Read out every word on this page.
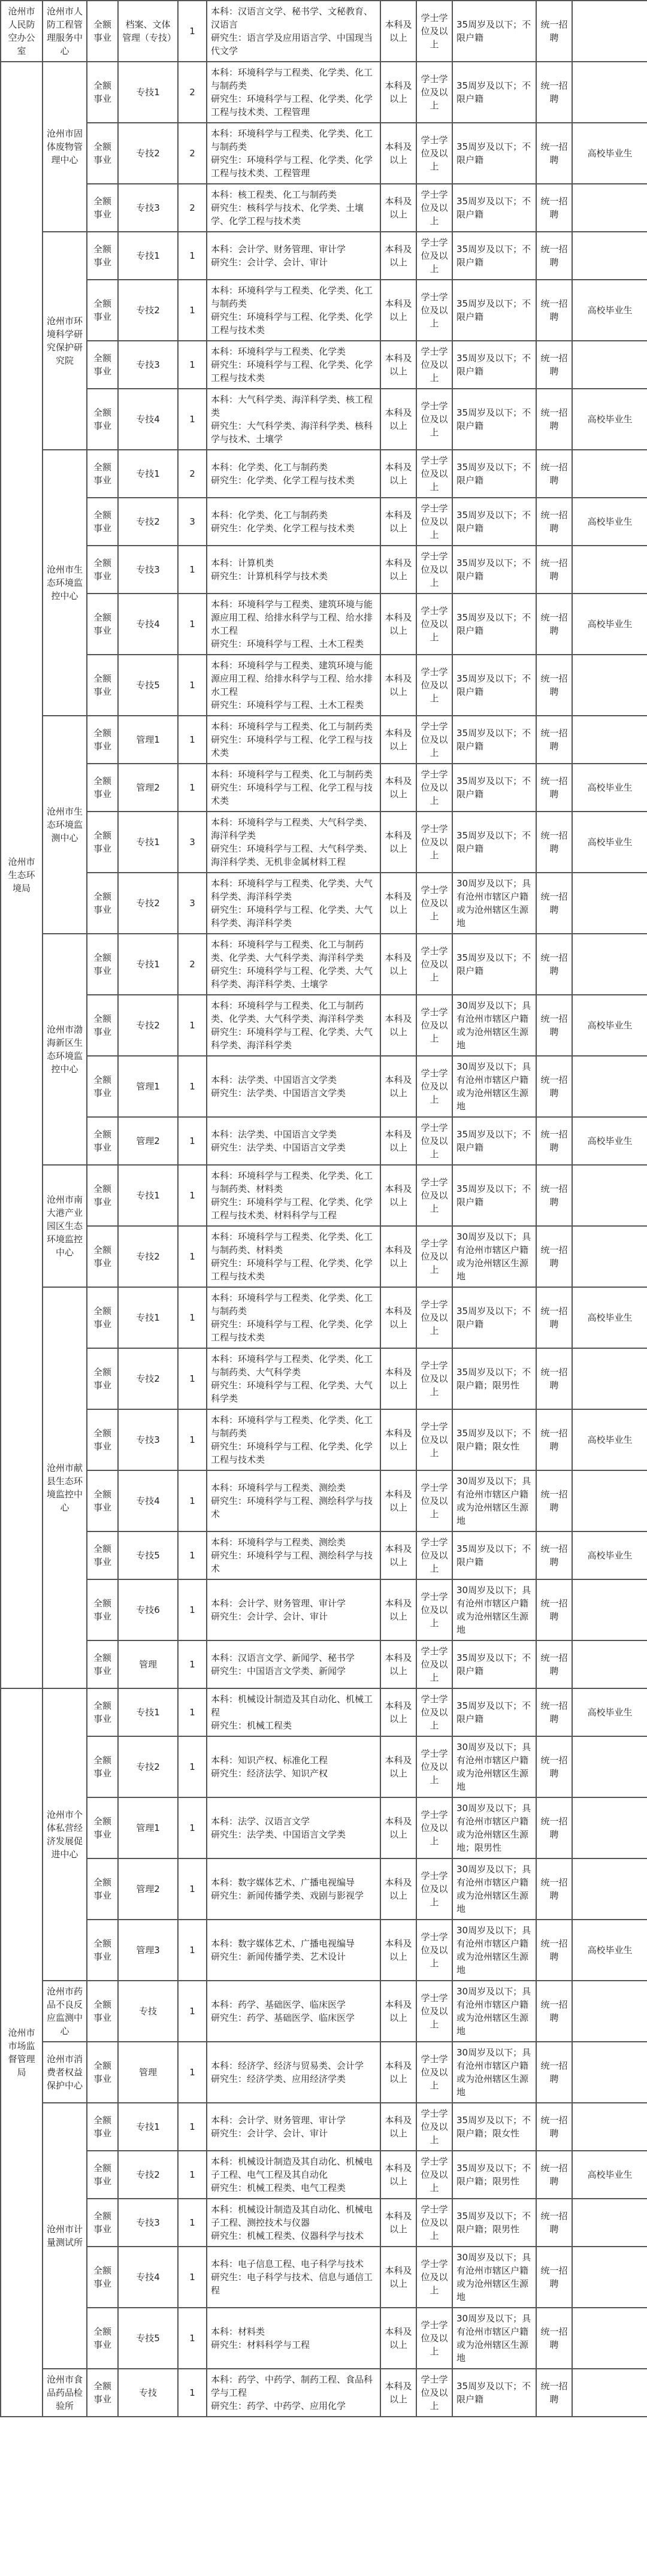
沧州市人民防空办公室	沧州市人防工程管理服务中心	全额事业	档案、文体管理（专技）	1	本科：汉语言文学、秘书学、文秘教育、汉语言
研究生：语言学及应用语言学、中国现当代文学	本科及以上	学士学位及以上	35周岁及以下；不限户籍	统一招聘	
沧州市生态环境局	沧州市固体废物管理中心	全额事业	专技1	2	本科：环境科学与工程类、化学类、化工与制药类
研究生：环境科学与工程、化学类、化学工程与技术类、工程管理	本科及以上	学士学位及以上	35周岁及以下；不限户籍	统一招聘	
		全额事业	专技2	2	本科：环境科学与工程类、化学类、化工与制药类
研究生：环境科学与工程、化学类、化学工程与技术类、工程管理	本科及以上	学士学位及以上	35周岁及以下；不限户籍	统一招聘	高校毕业生
		全额事业	专技3	2	本科：核工程类、化工与制药类
研究生：核科学与技术、化学类、土壤学、化学工程与技术类	本科及以上	学士学位及以上	35周岁及以下；不限户籍	统一招聘	
	沧州市环境科学研究保护研究院	全额事业	专技1	1	本科：会计学、财务管理、审计学
研究生：会计学、会计、审计	本科及以上	学士学位及以上	35周岁及以下；不限户籍	统一招聘	
		全额事业	专技2	1	本科：环境科学与工程类、化学类、化工与制药类
研究生：环境科学与工程、化学类、化学工程与技术类	本科及以上	学士学位及以上	35周岁及以下；不限户籍	统一招聘	高校毕业生
		全额事业	专技3	1	本科：环境科学与工程类、化学类
研究生：环境科学与工程、化学类、化学工程与技术类	本科及以上	学士学位及以上	35周岁及以下；不限户籍	统一招聘	
		全额事业	专技4	1	本科：大气科学类、海洋科学类、核工程类
研究生：大气科学类、海洋科学类、核科学与技术、土壤学	本科及以上	学士学位及以上	35周岁及以下；不限户籍	统一招聘	高校毕业生
	沧州市生态环境监控中心	全额事业	专技1	2	本科：化学类、化工与制药类
研究生：化学类、化学工程与技术类	本科及以上	学士学位及以上	35周岁及以下；不限户籍	统一招聘	
		全额事业	专技2	3	本科：化学类、化工与制药类
研究生：化学类、化学工程与技术类	本科及以上	学士学位及以上	35周岁及以下；不限户籍	统一招聘	高校毕业生
		全额事业	专技3	1	本科：计算机类
研究生：计算机科学与技术类	本科及以上	学士学位及以上	35周岁及以下；不限户籍	统一招聘	
		全额事业	专技4	1	本科：环境科学与工程类、建筑环境与能源应用工程、给排水科学与工程、给水排水工程
研究生：环境科学与工程、土木工程类	本科及以上	学士学位及以上	35周岁及以下；不限户籍	统一招聘	高校毕业生
		全额事业	专技5	1	本科：环境科学与工程类、建筑环境与能源应用工程、给排水科学与工程、给水排水工程
研究生：环境科学与工程、土木工程类	本科及以上	学士学位及以上	35周岁及以下；不限户籍	统一招聘	
	沧州市生态环境监测中心	全额事业	管理1	1	本科：环境科学与工程类、化工与制药类
研究生：环境科学与工程、化学工程与技术类	本科及以上	学士学位及以上	35周岁及以下；不限户籍	统一招聘	
		全额事业	管理2	1	本科：环境科学与工程类、化工与制药类
研究生：环境科学与工程、化学工程与技术类	本科及以上	学士学位及以上	35周岁及以下；不限户籍	统一招聘	高校毕业生
		全额事业	专技1	3	本科：环境科学与工程类、大气科学类、海洋科学类
研究生：环境科学与工程、大气科学类、海洋科学类、无机非金属材料工程	本科及以上	学士学位及以上	35周岁及以下；不限户籍	统一招聘	高校毕业生
		全额事业	专技2	3	本科：环境科学与工程类、化学类、大气科学类、海洋科学类
研究生：环境科学与工程、化学类、大气科学类、海洋科学类	本科及以上	学士学位及以上	30周岁及以下；具有沧州市辖区户籍或为沧州辖区生源地	统一招聘	
	沧州市渤海新区生态环境监控中心	全额事业	专技1	2	本科：环境科学与工程类、化工与制药类、化学类、大气科学类、海洋科学类
研究生：环境科学与工程、化学类、大气科学类、海洋科学类、土壤学	本科及以上	学士学位及以上	35周岁及以下；不限户籍	统一招聘	
		全额事业	专技2	1	本科：环境科学与工程类、化工与制药类、化学类、大气科学类、海洋科学类
研究生：环境科学与工程、化学类、大气科学类、海洋科学类	本科及以上	学士学位及以上	30周岁及以下；具有沧州市辖区户籍或为沧州辖区生源地	统一招聘	高校毕业生
		全额事业	管理1	1	本科：法学类、中国语言文学类
研究生：法学类、中国语言文学类	本科及以上	学士学位及以上	30周岁及以下；具有沧州市辖区户籍或为沧州辖区生源地	统一招聘	
		全额事业	管理2	1	本科：法学类、中国语言文学类
研究生：法学类、中国语言文学类	本科及以上	学士学位及以上	35周岁及以下；不限户籍	统一招聘	高校毕业生
	沧州市南大港产业园区生态环境监控中心	全额事业	专技1	1	本科：环境科学与工程类、化学类、化工与制药类、材料类
研究生：环境科学与工程、化学类、化学工程与技术类、材料科学与工程	本科及以上	学士学位及以上	35周岁及以下；不限户籍	统一招聘	
		全额事业	专技2	1	本科：环境科学与工程类、化学类、化工与制药类、材料类
研究生：环境科学与工程、化学类、化学工程与技术类	本科及以上	学士学位及以上	30周岁及以下；具有沧州市辖区户籍或为沧州辖区生源地	统一招聘	
	沧州市献县生态环境监控中心	全额事业	专技1	1	本科：环境科学与工程类、化学类、化工与制药类
研究生：环境科学与工程、化学类、化学工程与技术类	本科及以上	学士学位及以上	35周岁及以下；不限户籍	统一招聘	高校毕业生
		全额事业	专技2	1	本科：环境科学与工程类、化学类、化工与制药类、大气科学类
研究生：环境科学与工程、化学类、大气科学类	本科及以上	学士学位及以上	35周岁及以下；不限户籍；限男性	统一招聘	
		全额事业	专技3	1	本科：环境科学与工程类、化学类、化工与制药类
研究生：环境科学与工程、化学类、化学工程与技术类	本科及以上	学士学位及以上	35周岁及以下；不限户籍；限女性	统一招聘	高校毕业生
		全额事业	专技4	1	本科：环境科学与工程类、测绘类
研究生：环境科学与工程、测绘科学与技术	本科及以上	学士学位及以上	30周岁及以下；具有沧州市辖区户籍或为沧州辖区生源地	统一招聘	
		全额事业	专技5	1	本科：环境科学与工程类、测绘类
研究生：环境科学与工程、测绘科学与技术	本科及以上	学士学位及以上	35周岁及以下；不限户籍	统一招聘	高校毕业生
		全额事业	专技6	1	本科：会计学、财务管理、审计学
研究生：会计学、会计、审计	本科及以上	学士学位及以上	30周岁及以下；具有沧州市辖区户籍或为沧州辖区生源地	统一招聘	
		全额事业	管理	1	本科：汉语言文学、新闻学、秘书学
研究生：中国语言文学类、新闻学	本科及以上	学士学位及以上	35周岁及以下；不限户籍	统一招聘	
沧州市市场监督管理局	沧州市个体私营经济发展促进中心	全额事业	专技1	1	本科：机械设计制造及其自动化、机械工程
研究生：机械工程类	本科及以上	学士学位及以上	35周岁及以下；不限户籍	统一招聘	高校毕业生
		全额事业	专技2	1	本科：知识产权、标准化工程
研究生：经济法学、知识产权	本科及以上	学士学位及以上	30周岁及以下；具有沧州市辖区户籍或为沧州辖区生源地	统一招聘	
		全额事业	管理1	1	本科：法学、汉语言文学
研究生：法学类、中国语言文学类	本科及以上	学士学位及以上	30周岁及以下；具有沧州市辖区户籍或为沧州辖区生源地；限男性	统一招聘	
		全额事业	管理2	1	本科：数字媒体艺术、广播电视编导
研究生：新闻传播学类、戏剧与影视学	本科及以上	学士学位及以上	30周岁及以下；具有沧州市辖区户籍或为沧州辖区生源地	统一招聘	
		全额事业	管理3	1	本科：数字媒体艺术、广播电视编导
研究生：新闻传播学类、艺术设计	本科及以上	学士学位及以上	30周岁及以下；具有沧州市辖区户籍或为沧州辖区生源地	统一招聘	高校毕业生
	沧州市药品不良反应监测中心	全额事业	专技	1	本科：药学、基础医学、临床医学
研究生：药学、基础医学、临床医学	本科及以上	学士学位及以上	30周岁及以下；具有沧州市辖区户籍或为沧州辖区生源地	统一招聘	
	沧州市消费者权益保护中心	全额事业	管理	1	本科：经济学、经济与贸易类、会计学
研究生：经济学类、应用经济学类	本科及以上	学士学位及以上	30周岁及以下；具有沧州市辖区户籍或为沧州辖区生源地	统一招聘	
	沧州市计量测试所	全额事业	专技1	1	本科：会计学、财务管理、审计学
研究生：会计学、会计、审计	本科及以上	学士学位及以上	35周岁及以下；不限户籍；限女性	统一招聘	
		全额事业	专技2	1	本科：机械设计制造及其自动化、机械电子工程、电气工程及其自动化
研究生：机械工程类、电气工程类	本科及以上	学士学位及以上	35周岁及以下；不限户籍；限男性	统一招聘	高校毕业生
		全额事业	专技3	1	本科：机械设计制造及其自动化、机械电子工程、测控技术与仪器
研究生：机械工程类、仪器科学与技术	本科及以上	学士学位及以上	35周岁及以下；不限户籍；限男性	统一招聘	
		全额事业	专技4	1	本科：电子信息工程、电子科学与技术
研究生：电子科学与技术、信息与通信工程	本科及以上	学士学位及以上	30周岁及以下；具有沧州市辖区户籍或为沧州辖区生源地	统一招聘	
		全额事业	专技5	1	本科：材料类
研究生：材料科学与工程	本科及以上	学士学位及以上	30周岁及以下；具有沧州市辖区户籍或为沧州辖区生源地	统一招聘	
	沧州市食品药品检验所	全额事业	专技	1	本科：药学、中药学、制药工程、食品科学与工程
研究生：药学、中药学、应用化学	本科及以上	学士学位及以上	35周岁及以下；不限户籍	统一招聘	
